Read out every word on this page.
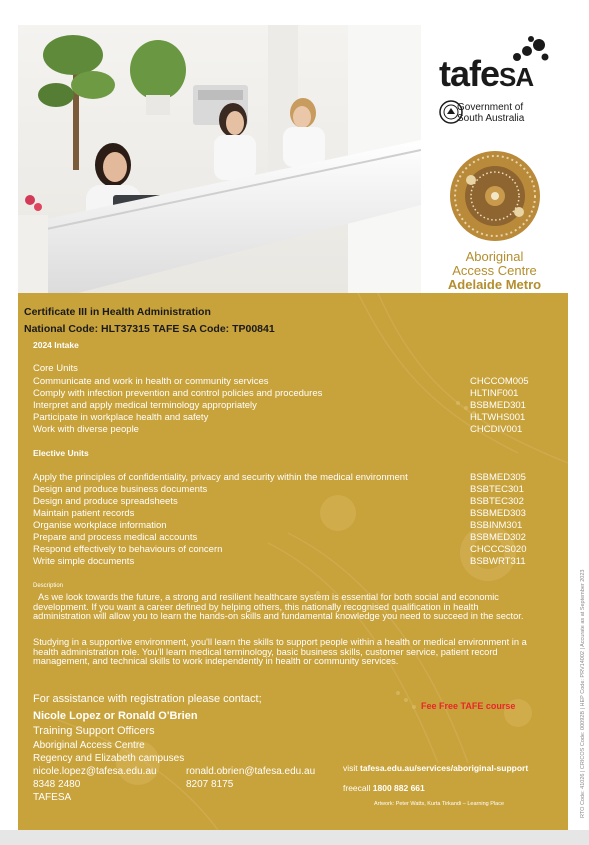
tafeSA
Government of
South Australia
Aboriginal
Access Centre
Adelaide Metro
Certificate III in Health Administration
National Code: HLT37315 TAFE SA Code: TP00841
2024 Intake
Core Units
Communicate and work in health or community services	CHCCOM005
Comply with infection prevention and control policies and procedures	HLTINF001
Interpret and apply medical terminology appropriately	BSBMED301
Participate in workplace health and safety	HLTWHS001
Work with diverse people	CHCDIV001
Elective Units
Apply the principles of confidentiality, privacy and security within the medical environment	BSBMED305
Design and produce business documents	BSBTEC301
Design and produce spreadsheets	BSBTEC302
Maintain patient records	BSBMED303
Organise workplace information	BSBINM301
Prepare and process medical accounts	BSBMED302
Respond effectively to behaviours of concern	CHCCCS020
Write simple documents	BSBWRT311
Description
As we look towards the future, a strong and resilient healthcare system is essential for both social and economic development. If you want a career defined by helping others, this nationally recognised qualification in health administration will allow you to learn the hands-on skills and fundamental knowledge you need to succeed in the sector.
Studying in a supportive environment, you'll learn the skills to support people within a health or medical environment in a health administration role. You'll learn medical terminology, basic business skills, customer service, patient record management, and technical skills to work independently in health or community services.
For assistance with registration please contact;
Nicole Lopez or Ronald O'Brien
Training Support Officers
Aboriginal Access Centre
Regency and Elizabeth campuses
nicole.lopez@tafesa.edu.au	ronald.obrien@tafesa.edu.au
8348 2480	8207 8175
TAFESA
Fee Free TAFE course
visit tafesa.edu.au/services/aboriginal-support
freecall 1800 882 661
Artwork: Peter Watts, Kurta Tirkandi – Learning Place	RTO Code: 41026 | CRICOS Code: 00092B | HEP Code: PRV14002 | Accurate as at September 2023
